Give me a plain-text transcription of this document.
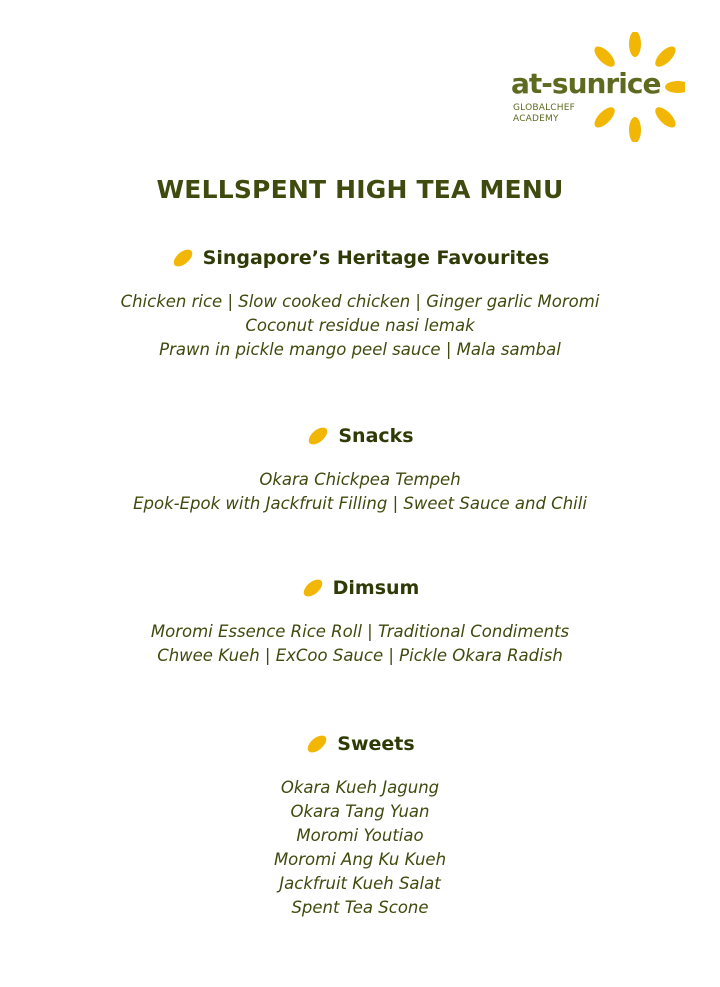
at-sunrice
GLOBALCHEF
ACADEMY
WELLSPENT HIGH TEA MENU
Singapore’s Heritage Favourites
Chicken rice | Slow cooked chicken | Ginger garlic Moromi
Coconut residue nasi lemak
Prawn in pickle mango peel sauce | Mala sambal
Snacks
Okara Chickpea Tempeh
Epok-Epok with Jackfruit Filling | Sweet Sauce and Chili
Dimsum
Moromi Essence Rice Roll | Traditional Condiments
Chwee Kueh | ExCoo Sauce | Pickle Okara Radish
Sweets
Okara Kueh Jagung
Okara Tang Yuan
Moromi Youtiao
Moromi Ang Ku Kueh
Jackfruit Kueh Salat
Spent Tea Scone
